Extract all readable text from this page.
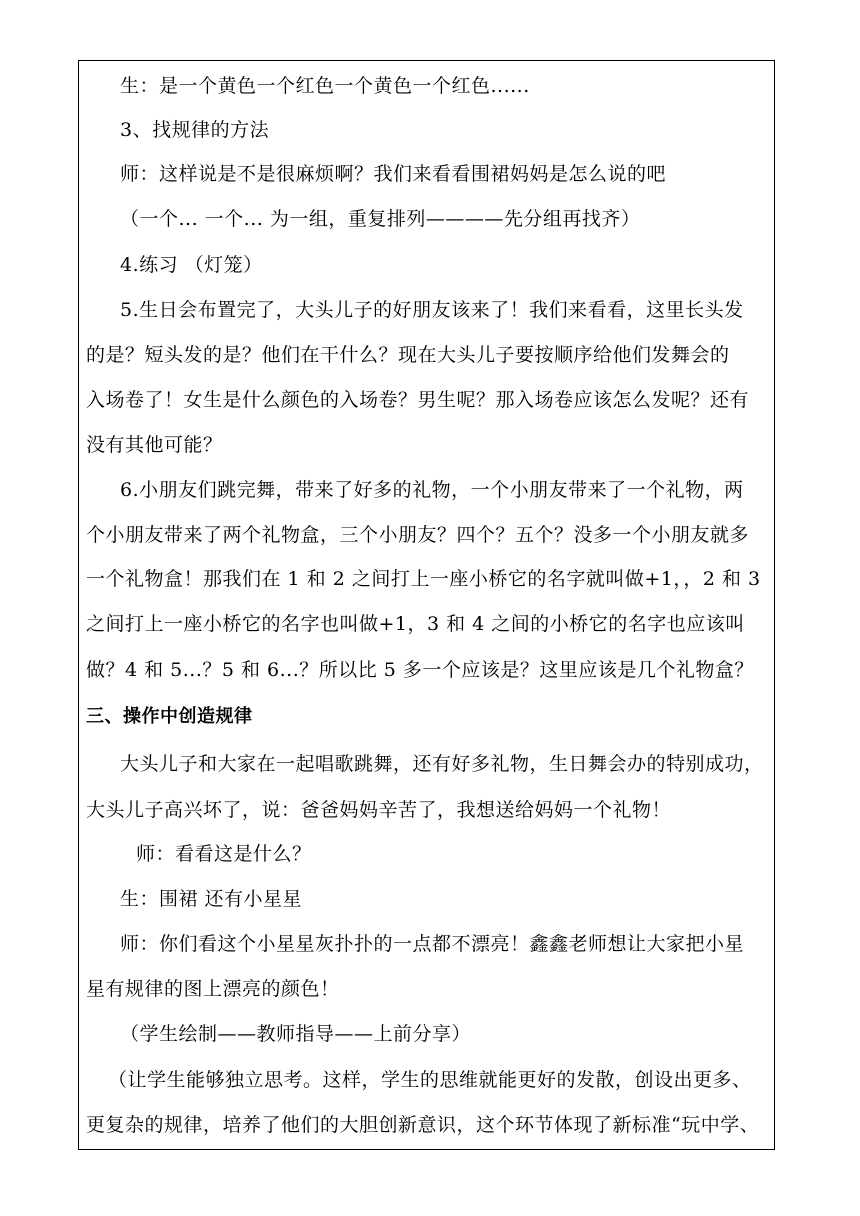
生：是一个黄色一个红色一个黄色一个红色......
3、找规律的方法
师：这样说是不是很麻烦啊？我们来看看围裙妈妈是怎么说的吧
（一个... 一个... 为一组，重复排列————先分组再找齐）
4.练习 （灯笼）
5.生日会布置完了，大头儿子的好朋友该来了！我们来看看，这里长头发
的是？短头发的是？他们在干什么？现在大头儿子要按顺序给他们发舞会的
入场卷了！女生是什么颜色的入场卷？男生呢？那入场卷应该怎么发呢？还有
没有其他可能？
6.小朋友们跳完舞，带来了好多的礼物，一个小朋友带来了一个礼物，两
个小朋友带来了两个礼物盒，三个小朋友？四个？五个？没多一个小朋友就多
一个礼物盒！那我们在 1 和 2 之间打上一座小桥它的名字就叫做+1，，2 和 3
之间打上一座小桥它的名字也叫做+1，3 和 4 之间的小桥它的名字也应该叫
做？4 和 5...？5 和 6...？所以比 5 多一个应该是？这里应该是几个礼物盒？
三、操作中创造规律
大头儿子和大家在一起唱歌跳舞，还有好多礼物，生日舞会办的特别成功，
大头儿子高兴坏了，说：爸爸妈妈辛苦了，我想送给妈妈一个礼物！
师：看看这是什么？
生：围裙 还有小星星
师：你们看这个小星星灰扑扑的一点都不漂亮！鑫鑫老师想让大家把小星
星有规律的图上漂亮的颜色！
（学生绘制——教师指导——上前分享）
（让学生能够独立思考。这样，学生的思维就能更好的发散，创设出更多、
更复杂的规律，培养了他们的大胆创新意识，这个环节体现了新标准“玩中学、
